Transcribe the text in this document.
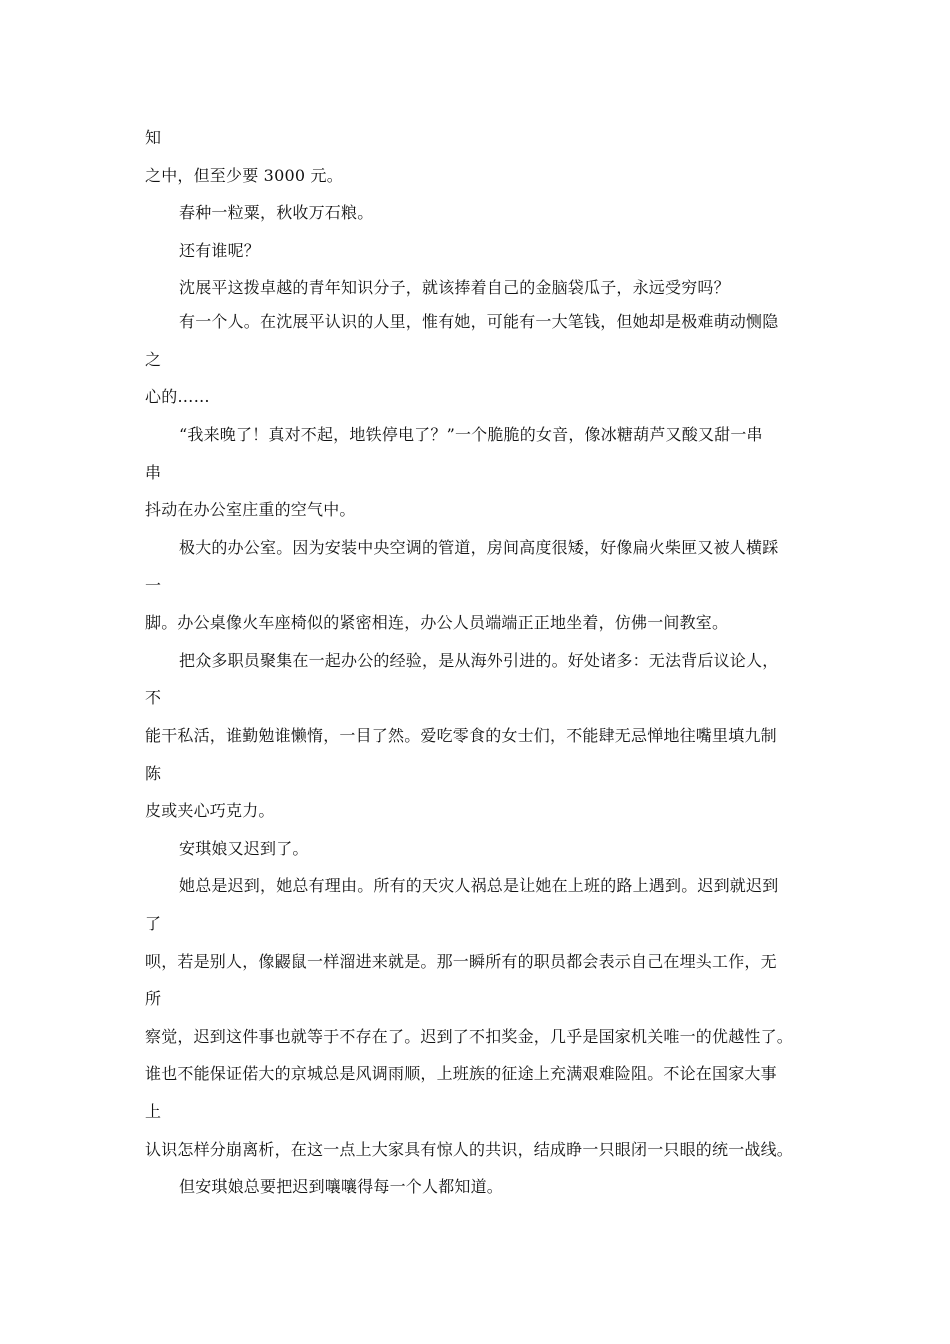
知

之中，但至少要 3000 元。

春种一粒粟，秋收万石粮。

还有谁呢？

沈展平这拨卓越的青年知识分子，就该捧着自己的金脑袋瓜子，永远受穷吗？

有一个人。在沈展平认识的人里，惟有她，可能有一大笔钱，但她却是极难萌动恻隐

之

心的……

“我来晚了！真对不起，地铁停电了？”一个脆脆的女音，像冰糖葫芦又酸又甜一串

串

抖动在办公室庄重的空气中。

极大的办公室。因为安装中央空调的管道，房间高度很矮，好像扁火柴匣又被人横踩

一

脚。办公桌像火车座椅似的紧密相连，办公人员端端正正地坐着，仿佛一间教室。

把众多职员聚集在一起办公的经验，是从海外引进的。好处诸多：无法背后议论人，

不

能干私活，谁勤勉谁懒惰，一目了然。爱吃零食的女士们，不能肆无忌惮地往嘴里填九制

陈

皮或夹心巧克力。

安琪娘又迟到了。

她总是迟到，她总有理由。所有的天灾人祸总是让她在上班的路上遇到。迟到就迟到

了

呗，若是别人，像鼹鼠一样溜进来就是。那一瞬所有的职员都会表示自己在埋头工作，无

所

察觉，迟到这件事也就等于不存在了。迟到了不扣奖金，几乎是国家机关唯一的优越性了。

谁也不能保证偌大的京城总是风调雨顺，上班族的征途上充满艰难险阻。不论在国家大事

上

认识怎样分崩离析，在这一点上大家具有惊人的共识，结成睁一只眼闭一只眼的统一战线。

但安琪娘总要把迟到嚷嚷得每一个人都知道。
